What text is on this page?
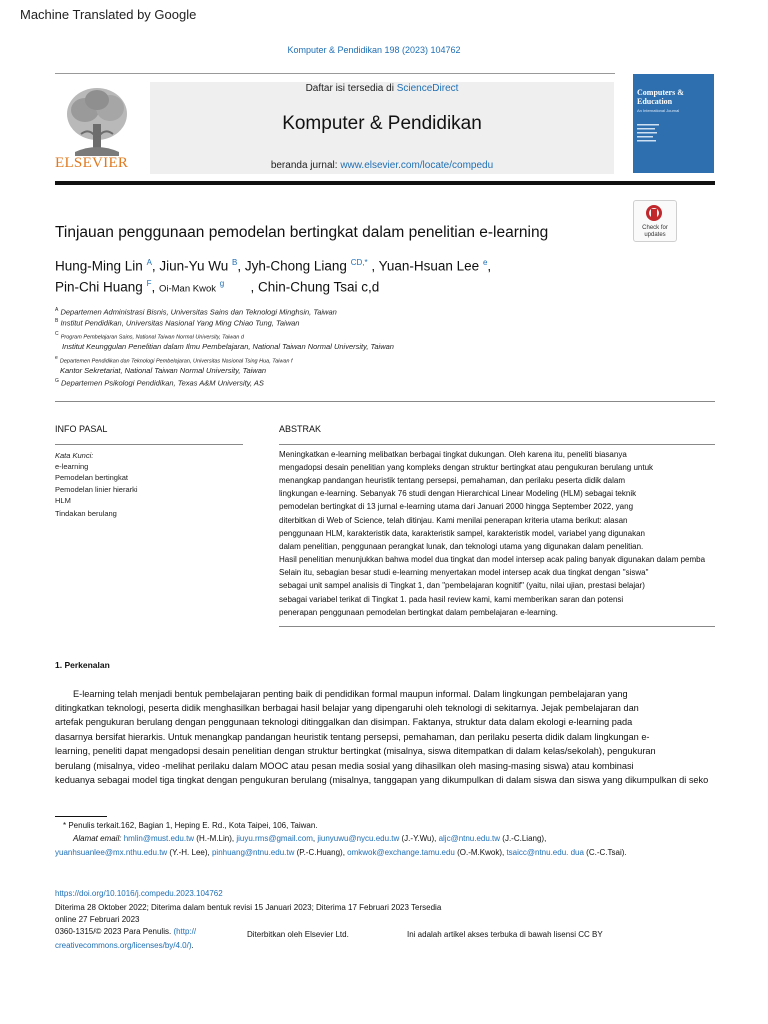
Machine Translated by Google
Komputer & Pendidikan 198 (2023) 104762
ELSEVIER
Daftar isi tersedia di ScienceDirect
Komputer & Pendidikan
beranda jurnal: www.elsevier.com/locate/compedu
Computers & Education
An International Journal
Check for
updates
Tinjauan penggunaan pemodelan bertingkat dalam penelitian e-learning
Hung-Ming Lin $^A$, Jiun-Yu Wu $^B$, Jyh-Chong Liang $^{CD,*}$ , Yuan-Hsuan Lee $^e$,
Pin-Chi Huang $^F$, Oi-Man Kwok $^g$       , Chin-Chung Tsai c,d
$^A$ Departemen Administrasi Bisnis, Universitas Sains dan Teknologi Minghsin, Taiwan
$^B$ Institut Pendidikan, Universitas Nasional Yang Ming Chiao Tung, Taiwan
$^C$ Program Pembelajaran Sains, National Taiwan Normal University, Taiwan d
Institut Keunggulan Penelitian dalam Ilmu Pembelajaran, National Taiwan Normal University, Taiwan
$^e$ Departemen Pendidikan dan Teknologi Pembelajaran, Universitas Nasional Tsing Hua, Taiwan f
Kantor Sekretariat, National Taiwan Normal University, Taiwan
$^G$ Departemen Psikologi Pendidikan, Texas A&M University, AS
INFO PASAL
Kata Kunci:
e-learning
Pemodelan bertingkat
Pemodelan linier hierarki
HLM
Tindakan berulang
ABSTRAK
Meningkatkan e-learning melibatkan berbagai tingkat dukungan. Oleh karena itu, peneliti biasanya
mengadopsi desain penelitian yang kompleks dengan struktur bertingkat atau pengukuran berulang untuk
menangkap pandangan heuristik tentang persepsi, pemahaman, dan perilaku peserta didik dalam
lingkungan e-learning. Sebanyak 76 studi dengan Hierarchical Linear Modeling (HLM) sebagai teknik
pemodelan bertingkat di 13 jurnal e-learning utama dari Januari 2000 hingga September 2022, yang
diterbitkan di Web of Science, telah ditinjau. Kami menilai penerapan kriteria utama berikut: alasan
penggunaan HLM, karakteristik data, karakteristik sampel, karakteristik model, variabel yang digunakan
dalam penelitian, penggunaan perangkat lunak, dan teknologi utama yang digunakan dalam penelitian.
Hasil penelitian menunjukkan bahwa model dua tingkat dan model intersep acak paling banyak digunakan dalam pemba
Selain itu, sebagian besar studi e-learning menyertakan model intersep acak dua tingkat dengan "siswa"
sebagai unit sampel analisis di Tingkat 1, dan "pembelajaran kognitif" (yaitu, nilai ujian, prestasi belajar)
sebagai variabel terikat di Tingkat 1. pada hasil review kami, kami memberikan saran dan potensi
penerapan penggunaan pemodelan bertingkat dalam pembelajaran e-learning.
1. Perkenalan
E-learning telah menjadi bentuk pembelajaran penting baik di pendidikan formal maupun informal. Dalam lingkungan pembelajaran yang
ditingkatkan teknologi, peserta didik menghasilkan berbagai hasil belajar yang dipengaruhi oleh teknologi di sekitarnya. Jejak pembelajaran dan
artefak pengukuran berulang dengan penggunaan teknologi ditinggalkan dan disimpan. Faktanya, struktur data dalam ekologi e-learning pada
dasarnya bersifat hierarkis. Untuk menangkap pandangan heuristik tentang persepsi, pemahaman, dan perilaku peserta didik dalam lingkungan e-
learning, peneliti dapat mengadopsi desain penelitian dengan struktur bertingkat (misalnya, siswa ditempatkan di dalam kelas/sekolah), pengukuran
berulang (misalnya, video -melihat perilaku dalam MOOC atau pesan media sosial yang dihasilkan oleh masing-masing siswa) atau kombinasi
keduanya sebagai model tiga tingkat dengan pengukuran berulang (misalnya, tanggapan yang dikumpulkan di dalam siswa dan siswa yang dikumpulkan di seko
* Penulis terkait.162, Bagian 1, Heping E. Rd., Kota Taipei, 106, Taiwan.
Alamat email: hmlin@must.edu.tw (H.-M.Lin), jiuyu.rms@gmail.com, jiunyuwu@nycu.edu.tw (J.-Y.Wu), aljc@ntnu.edu.tw (J.-C.Liang),
yuanhsuanlee@mx.nthu.edu.tw (Y.-H. Lee), pinhuang@ntnu.edu.tw (P.-C.Huang), omkwok@exchange.tamu.edu (O.-M.Kwok), tsaicc@ntnu.edu. dua (C.-C.Tsai).
https://doi.org/10.1016/j.compedu.2023.104762
Diterima 28 Oktober 2022; Diterima dalam bentuk revisi 15 Januari 2023; Diterima 17 Februari 2023 Tersedia
online 27 Februari 2023
0360-1315/© 2023 Para Penulis. (http://	Diterbitkan oleh Elsevier Ltd.	Ini adalah artikel akses terbuka di bawah lisensi CC BY
creativecommons.org/licenses/by/4.0/).
